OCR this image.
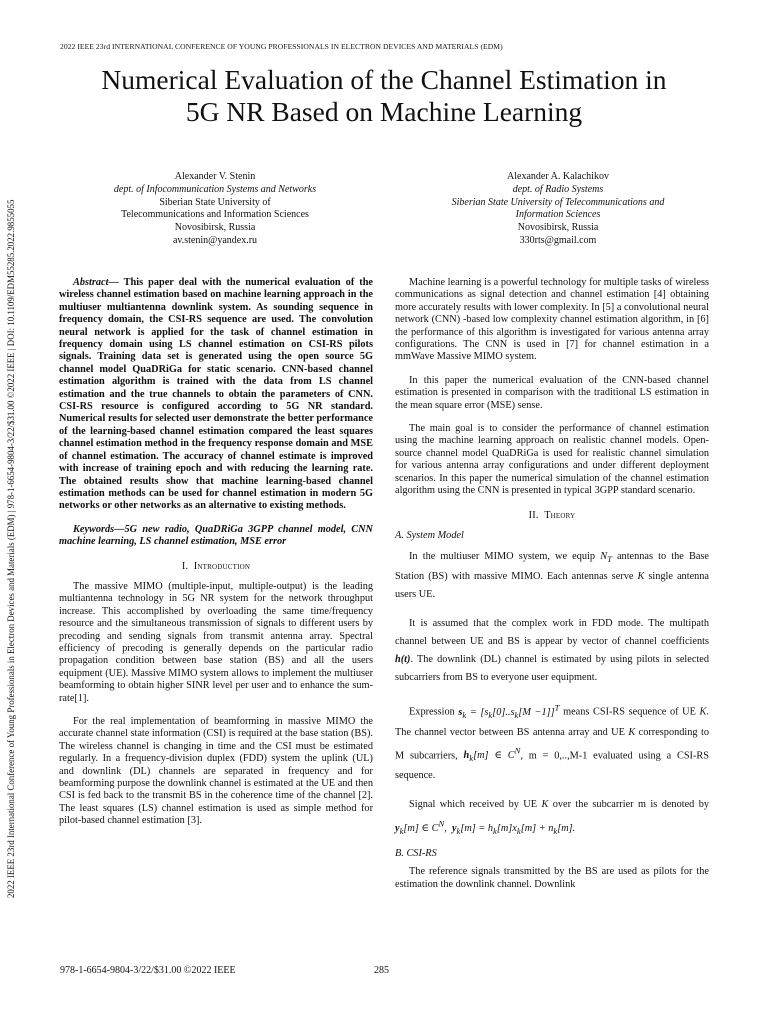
2022 IEEE 23rd INTERNATIONAL CONFERENCE OF YOUNG PROFESSIONALS IN ELECTRON DEVICES AND MATERIALS (EDM)
Numerical Evaluation of the Channel Estimation in
5G NR Based on Machine Learning
Alexander V. Stenin
dept. of Infocommunication Systems and Networks
Siberian State University of
Telecommunications and Information Sciences
Novosibirsk, Russia
av.stenin@yandex.ru
Alexander A. Kalachikov
dept. of Radio Systems
Siberian State University of Telecommunications and
Information Sciences
Novosibirsk, Russia
330rts@gmail.com
2022 IEEE 23rd International Conference of Young Professionals in Electron Devices and Materials (EDM) | 978-1-6654-9804-3/22/$31.00 ©2022 IEEE | DOI: 10.1109/EDM55285.2022.9855055	Abstract— This paper deal with the numerical evaluation of the wireless channel estimation based on machine learning approach in the multiuser multiantenna downlink system. As sounding sequence in frequency domain, the CSI-RS sequence are used. The convolution neural network is applied for the task of channel estimation in frequency domain using LS channel estimation on CSI-RS pilots signals. Training data set is generated using the open source 5G channel model QuaDRiGa for static scenario. CNN-based channel estimation algorithm is trained with the data from LS channel estimation and the true channels to obtain the parameters of CNN. CSI-RS resource is configured according to 5G NR standard. Numerical results for selected user demonstrate the better performance of the learning-based channel estimation compared the least squares channel estimation method in the frequency response domain and MSE of channel estimation. The accuracy of channel estimate is improved with increase of training epoch and with reducing the learning rate. The obtained results show that machine learning-based channel estimation methods can be used for channel estimation in modern 5G networks or other networks as an alternative to existing methods.

Keywords—5G new radio, QuaDRiGa 3GPP channel model, CNN machine learning, LS channel estimation, MSE error

I. Introduction

The massive MIMO (multiple-input, multiple-output) is the leading multiantenna technology in 5G NR system for the network throughput increase. This accomplished by overloading the same time/frequency resource and the simultaneous transmission of signals to different users by precoding and sending signals from transmit antenna array. Spectral efficiency of precoding is generally depends on the particular radio propagation condition between base station (BS) and all the users equipment (UE). Massive MIMO system allows to implement the multiuser beamforming to obtain higher SINR level per user and to enhance the sum-rate[1].

For the real implementation of beamforming in massive MIMO the accurate channel state information (CSI) is required at the base station (BS). The wireless channel is changing in time and the CSI must be estimated regularly. In a frequency-division duplex (FDD) system the uplink (UL) and downlink (DL) channels are separated in frequency and for beamforming purpose the downlink channel is estimated at the UE and then CSI is fed back to the transmit BS in the coherence time of the channel [2]. The least squares (LS) channel estimation is used as simple method for pilot-based channel estimation [3].

Machine learning is a powerful technology for multiple tasks of wireless communications as signal detection and channel estimation [4] obtaining more accurately results with lower complexity. In [5] a convolutional neural network (CNN) -based low complexity channel estimation algorithm, in [6] the performance of this algorithm is investigated for various antenna array configurations. The CNN is used in [7] for channel estimation in a mmWave Massive MIMO system.

In this paper the numerical evaluation of the CNN-based channel estimation is presented in comparison with the traditional LS estimation in the mean square error (MSE) sense.

The main goal is to consider the performance of channel estimation using the machine learning approach on realistic channel models. Open-source channel model QuaDRiGa is used for realistic channel simulation for various antenna array configurations and under different deployment scenarios. In this paper the numerical simulation of the channel estimation algorithm using the CNN is presented in typical 3GPP standard scenario.

II. Theory
A. System Model

In the multiuser MIMO system, we equip $N_T$ antennas to the Base Station (BS) with massive MIMO. Each antennas serve K single antenna users UE.

It is assumed that the complex work in FDD mode. The multipath channel between UE and BS is appear by vector of channel coefficients h(t). The downlink (DL) channel is estimated by using pilots in selected subcarriers from BS to everyone user equipment.

Expression $s_k = [s_k[0]..s_k[M -1]]^T$ means CSI-RS sequence of UE K. The channel vector between BS antenna array and UE K corresponding to M subcarriers, $h_k[m]$ ∈ $C^N$, m = 0,..,M-1 evaluated using a CSI-RS sequence.

Signal which received by UE K over the subcarrier m is denoted by $y_k[m]$ ∈ $C^N$,  $y_k[m] = h_k[m]x_k[m] + n_k[m]$.

B. CSI-RS

The reference signals transmitted by the BS are used as pilots for the estimation the downlink channel. Downlink

978-1-6654-9804-3/22/$31.00 ©2022 IEEE	285
